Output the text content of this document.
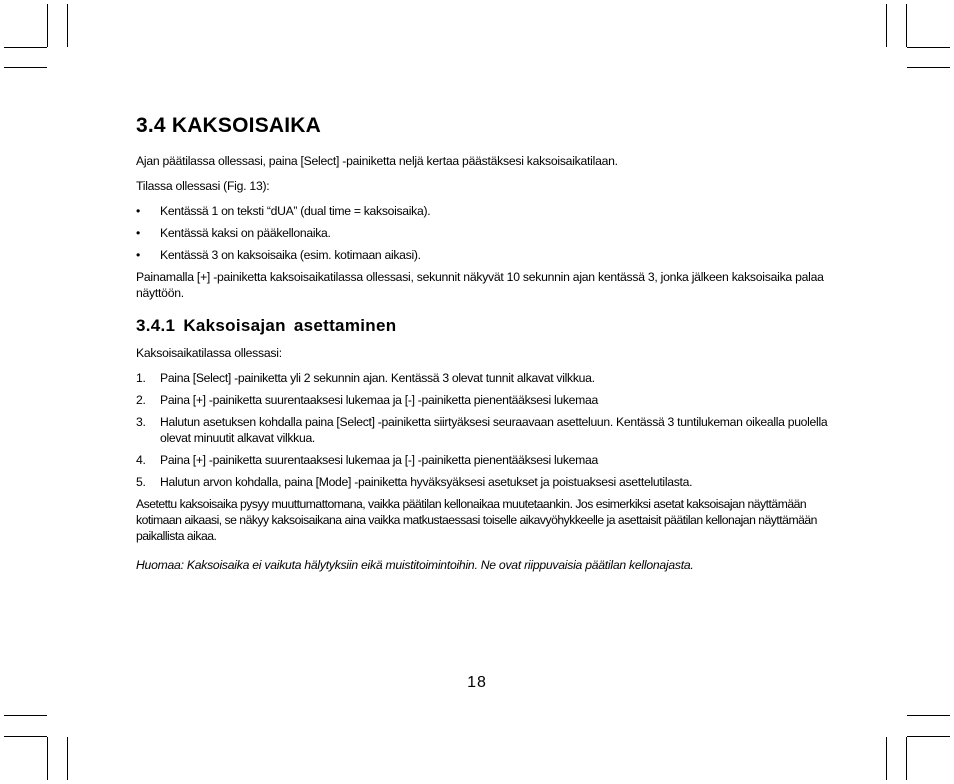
3.4 KAKSOISAIKA

Ajan päätilassa ollessasi, paina [Select] -painiketta neljä kertaa päästäksesi kaksoisaikatilaan.

Tilassa ollessasi (Fig. 13):

• Kentässä 1 on teksti “dUA” (dual time = kaksoisaika).
• Kentässä kaksi on pääkellonaika.
• Kentässä 3 on kaksoisaika (esim. kotimaan aikasi).

Painamalla [+] -painiketta kaksoisaikatilassa ollessasi, sekunnit näkyvät 10 sekunnin ajan kentässä 3, jonka jälkeen kaksoisaika palaa näyttöön.

3.4.1 Kaksoisajan asettaminen

Kaksoisaikatilassa ollessasi:

1. Paina [Select] -painiketta yli 2 sekunnin ajan. Kentässä 3 olevat tunnit alkavat vilkkua.
2. Paina [+] -painiketta suurentaaksesi lukemaa ja [-] -painiketta pienentääksesi lukemaa
3. Halutun asetuksen kohdalla paina [Select] -painiketta siirtyäksesi seuraavaan asetteluun. Kentässä 3 tuntilukeman oikealla puolella olevat minuutit alkavat vilkkua.
4. Paina [+] -painiketta suurentaaksesi lukemaa ja [-] -painiketta pienentääksesi lukemaa
5. Halutun arvon kohdalla, paina [Mode] -painiketta hyväksyäksesi asetukset ja poistuaksesi asettelutilasta.

Asetettu kaksoisaika pysyy muuttumattomana, vaikka päätilan kellonaikaa muutetaankin. Jos esimerkiksi asetat kaksoisajan näyttämään kotimaan aikaasi, se näkyy kaksoisaikana aina vaikka matkustaessasi toiselle aikavyöhykkeelle ja asettaisit päätilan kellonajan näyttämään paikallista aikaa.

Huomaa: Kaksoisaika ei vaikuta hälytyksiin eikä muistitoimintoihin. Ne ovat riippuvaisia päätilan kellonajasta.

18
